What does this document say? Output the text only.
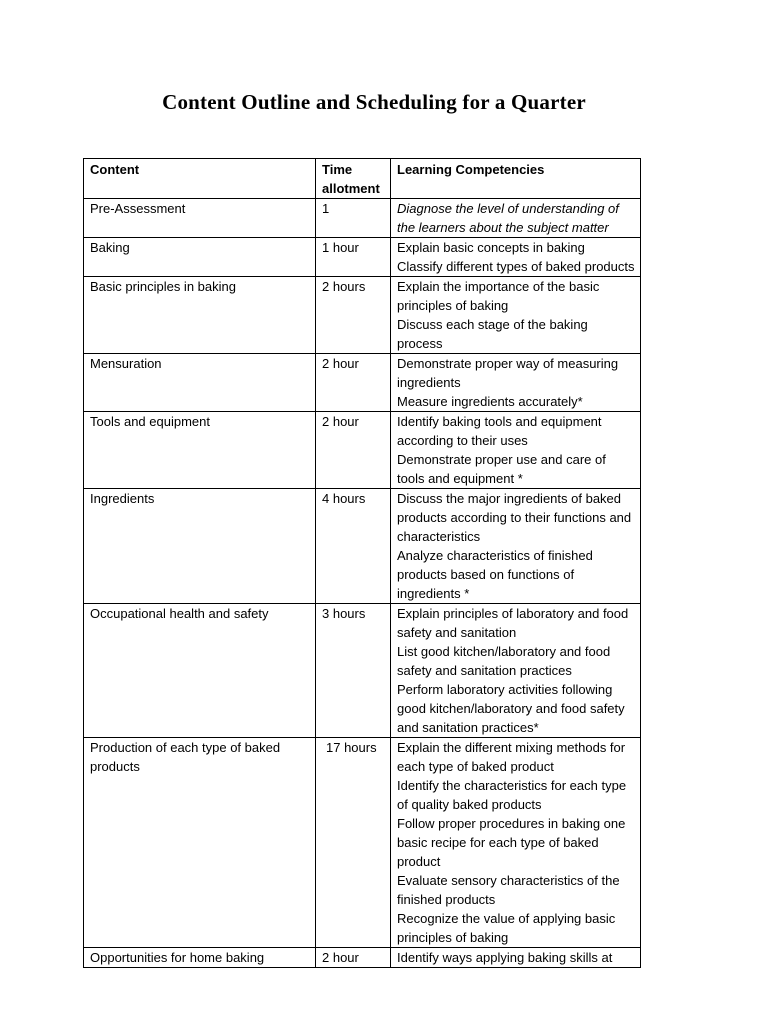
Content Outline and Scheduling for a Quarter
Content	Time allotment	Learning Competencies
Pre-Assessment	1	Diagnose the level of understanding of the learners about the subject matter

Baking	1 hour	Explain basic concepts in baking
Classify different types of baked products

Basic principles in baking	2 hours	Explain the importance of the basic principles of baking
Discuss each stage of the baking process

Mensuration	2 hour	Demonstrate proper way of measuring ingredients
Measure ingredients accurately*

Tools and equipment	2 hour	Identify baking tools and equipment according to their uses
Demonstrate proper use and care of tools and equipment *

Ingredients	4 hours	Discuss the major ingredients of baked products according to their functions and characteristics
Analyze characteristics of finished products based on functions of ingredients *

Occupational health and safety	3 hours	Explain principles of laboratory and food safety and sanitation
List good kitchen/laboratory and food safety and sanitation practices
Perform laboratory activities following good kitchen/laboratory and food safety and sanitation practices*

Production of each type of baked products	17 hours	Explain the different mixing methods for each type of baked product
Identify the characteristics for each type of quality baked products
Follow proper procedures in baking one basic recipe for each type of baked product
Evaluate sensory characteristics of the finished products
Recognize the value of applying basic principles of baking

Opportunities for home baking	2 hour	Identify ways applying baking skills at
